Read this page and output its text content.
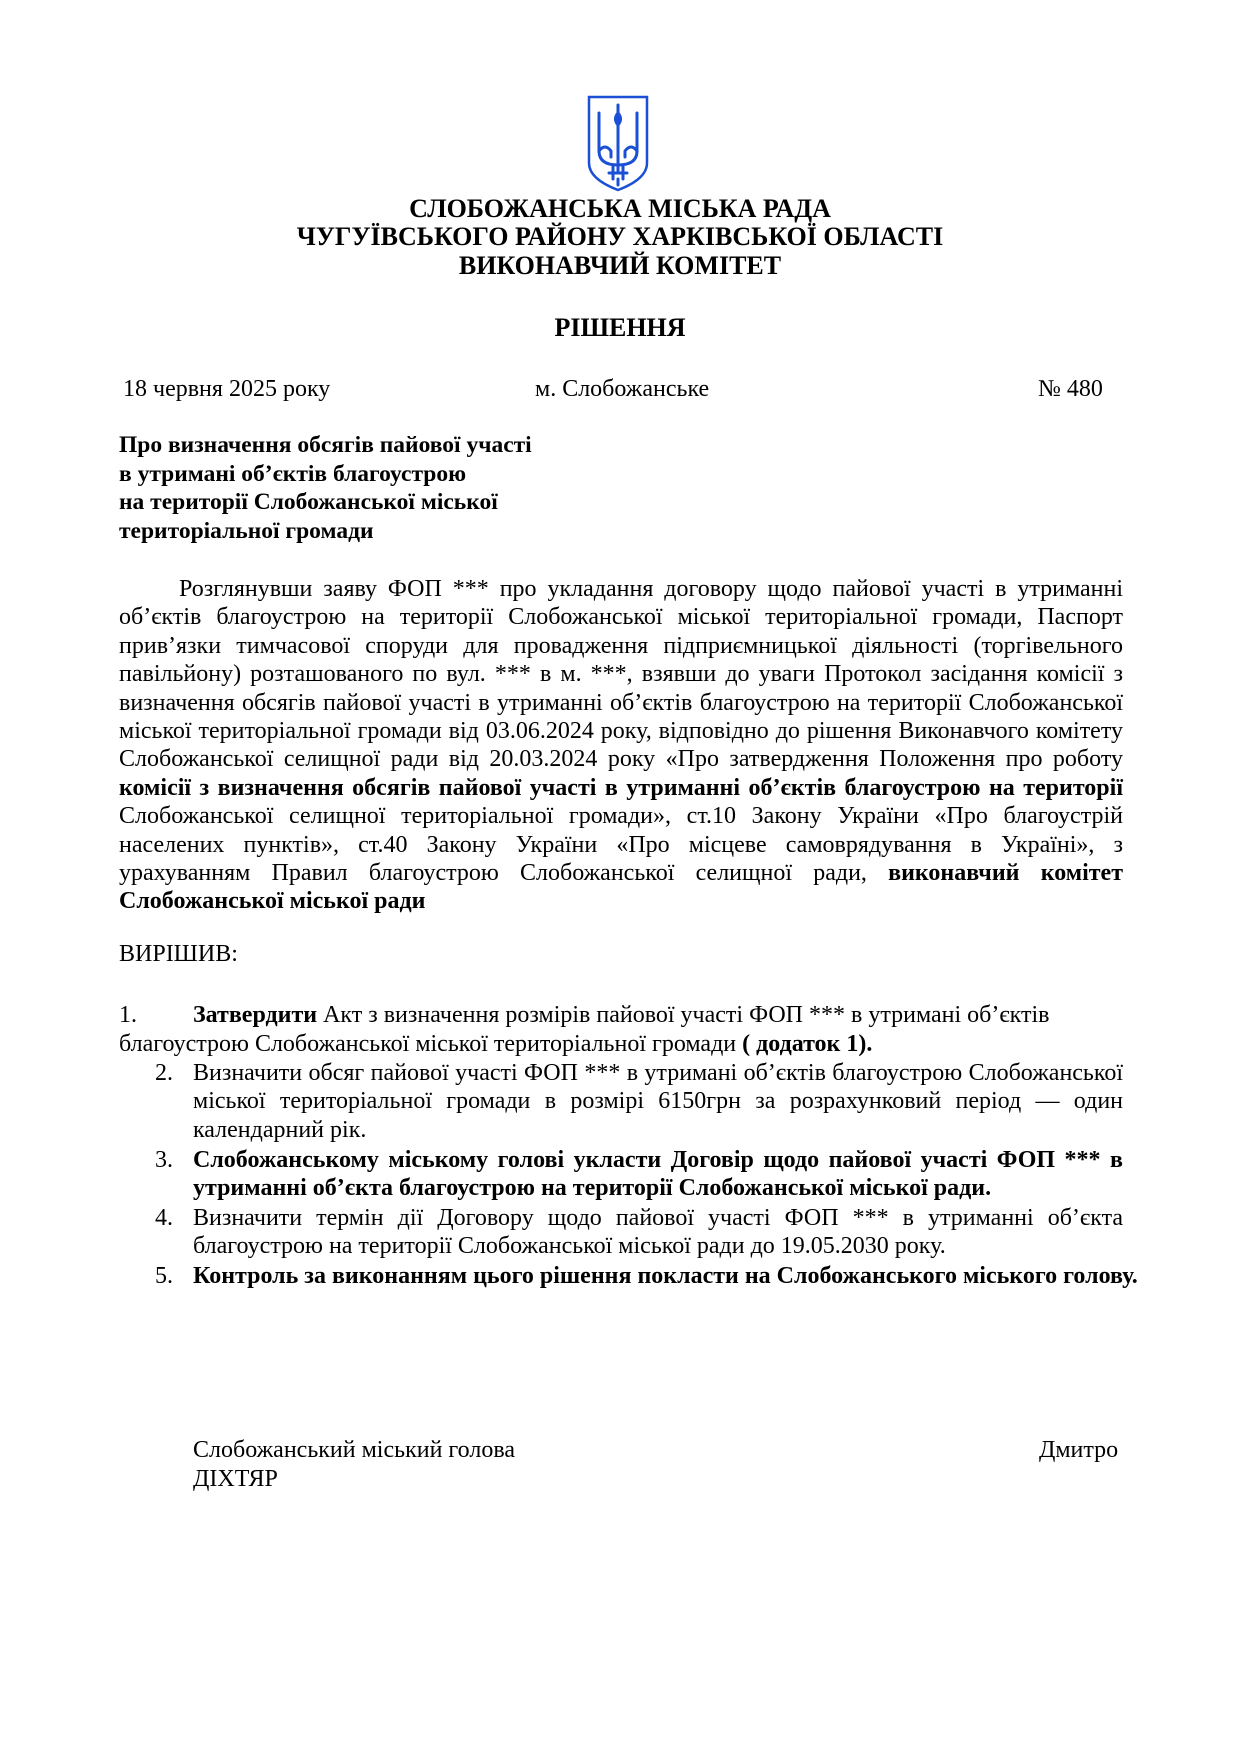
СЛОБОЖАНСЬКА МІСЬКА РАДА
ЧУГУЇВСЬКОГО РАЙОНУ ХАРКІВСЬКОЇ ОБЛАСТІ
ВИКОНАВЧИЙ КОМІТЕТ
РІШЕННЯ
18 червня 2025 року	м. Слобожанське	№ 480
Про визначення обсягів пайової участі
в утримані об’єктів благоустрою
на території Слобожанської міської
територіальної громади
Розглянувши заяву ФОП *** про укладання договору щодо пайової участі в утриманні об’єктів благоустрою на території Слобожанської міської територіальної громади, Паспорт прив’язки тимчасової споруди для провадження підприємницької діяльності (торгівельного павільйону) розташованого по вул. *** в м. ***, взявши до уваги Протокол засідання комісії з визначення обсягів пайової участі в утриманні об’єктів благоустрою на території Слобожанської міської територіальної громади від 03.06.2024 року, відповідно до рішення Виконавчого комітету Слобожанської селищної ради від 20.03.2024 року «Про затвердження Положення про роботу комісії з визначення обсягів пайової участі в утриманні об’єктів благоустрою на території Слобожанської селищної територіальної громади», ст.10 Закону України «Про благоустрій населених пунктів», ст.40 Закону України «Про місцеве самоврядування в Україні», з урахуванням Правил благоустрою Слобожанської селищної ради, виконавчий комітет Слобожанської міської ради
ВИРІШИВ:
1. Затвердити Акт з визначення розмірів пайової участі ФОП *** в утримані об’єктів
благоустрою Слобожанської міської територіальної громади ( додаток 1).
2. Визначити обсяг пайової участі ФОП *** в утримані об’єктів благоустрою Слобожанської міської територіальної громади в розмірі 6150грн за розрахунковий період — один календарний рік.
3. Слобожанському міському голові укласти Договір щодо пайової участі ФОП *** в утриманні об’єкта благоустрою на території Слобожанської міської ради.
4. Визначити термін дії Договору щодо пайової участі ФОП *** в утриманні об’єкта благоустрою на території Слобожанської міської ради до 19.05.2030 року.
5. Контроль за виконанням цього рішення покласти на Слобожанського міського голову.
Слобожанський міський голова	Дмитро
ДІХТЯР
